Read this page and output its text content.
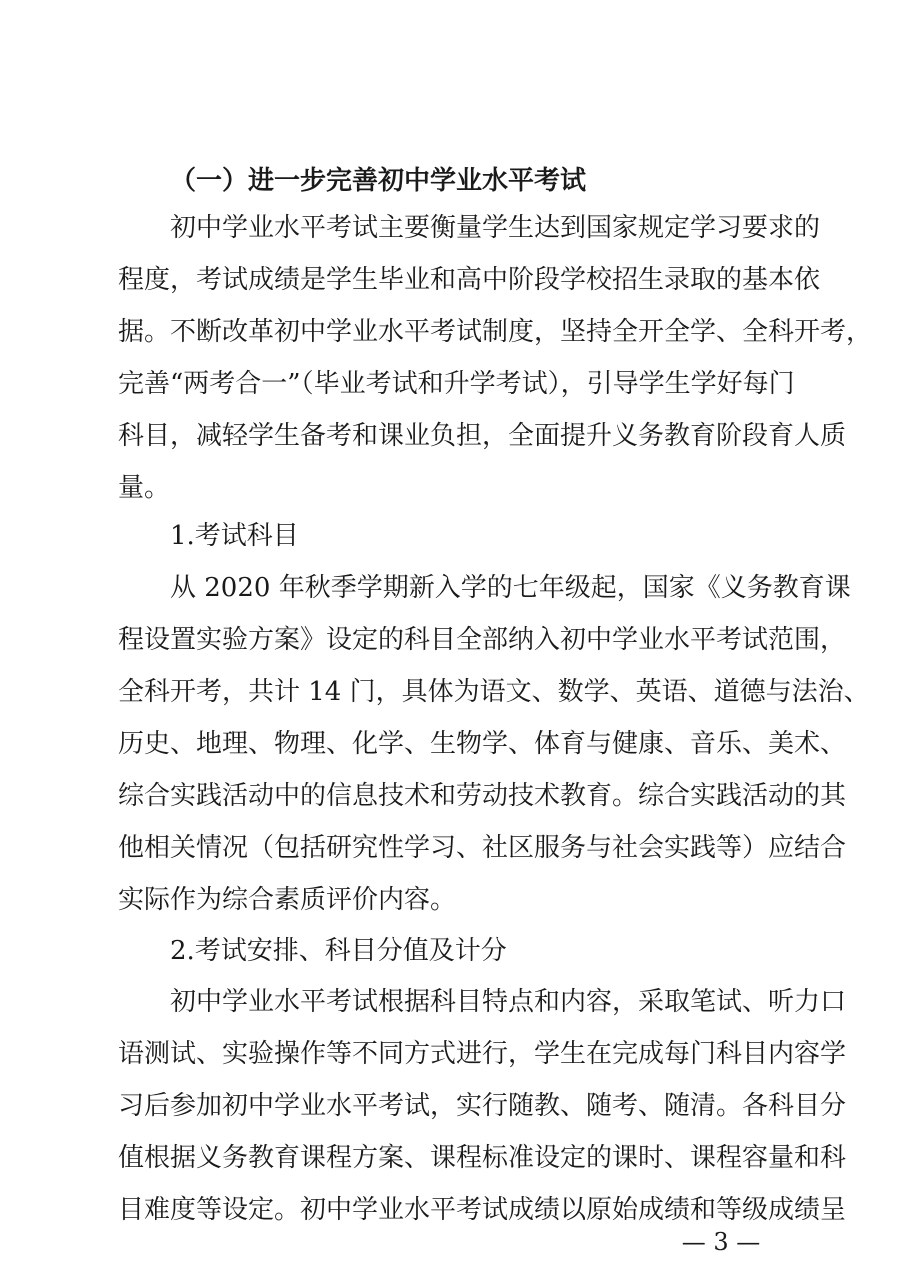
（一）进一步完善初中学业水平考试
初中学业水平考试主要衡量学生达到国家规定学习要求的
程度，考试成绩是学生毕业和高中阶段学校招生录取的基本依
据。不断改革初中学业水平考试制度，坚持全开全学、全科开考，
完善“两考合一”（毕业考试和升学考试），引导学生学好每门
科目，减轻学生备考和课业负担，全面提升义务教育阶段育人质
量。
1.考试科目
从 2020 年秋季学期新入学的七年级起，国家《义务教育课
程设置实验方案》设定的科目全部纳入初中学业水平考试范围，
全科开考，共计 14 门，具体为语文、数学、英语、道德与法治、
历史、地理、物理、化学、生物学、体育与健康、音乐、美术、
综合实践活动中的信息技术和劳动技术教育。综合实践活动的其
他相关情况（包括研究性学习、社区服务与社会实践等）应结合
实际作为综合素质评价内容。
2.考试安排、科目分值及计分
初中学业水平考试根据科目特点和内容，采取笔试、听力口
语测试、实验操作等不同方式进行，学生在完成每门科目内容学
习后参加初中学业水平考试，实行随教、随考、随清。各科目分
值根据义务教育课程方案、课程标准设定的课时、课程容量和科
目难度等设定。初中学业水平考试成绩以原始成绩和等级成绩呈
— 3 —
